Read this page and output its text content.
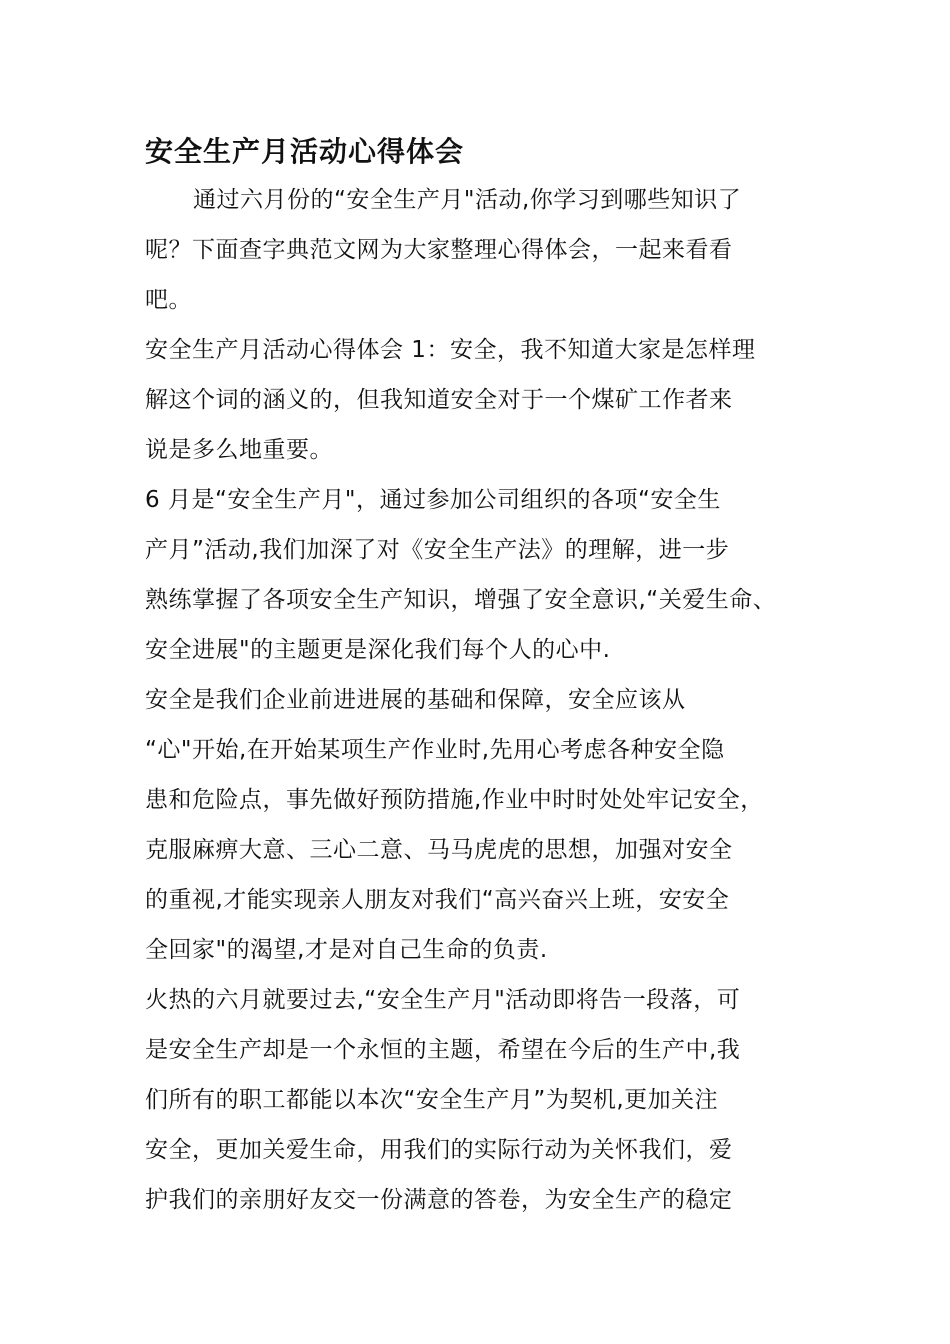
安全生产月活动心得体会
通过六月份的“安全生产月"活动,你学习到哪些知识了
呢？下面查字典范文网为大家整理心得体会，一起来看看
吧。
安全生产月活动心得体会 1：安全，我不知道大家是怎样理
解这个词的涵义的，但我知道安全对于一个煤矿工作者来
说是多么地重要。
6 月是“安全生产月"，通过参加公司组织的各项“安全生
产月”活动,我们加深了对《安全生产法》的理解，进一步
熟练掌握了各项安全生产知识，增强了安全意识,“关爱生命、
安全进展"的主题更是深化我们每个人的心中.
安全是我们企业前进进展的基础和保障，安全应该从
“心"开始,在开始某项生产作业时,先用心考虑各种安全隐
患和危险点，事先做好预防措施,作业中时时处处牢记安全，
克服麻痹大意、三心二意、马马虎虎的思想，加强对安全
的重视,才能实现亲人朋友对我们“高兴奋兴上班，安安全
全回家"的渴望,才是对自己生命的负责.
火热的六月就要过去,“安全生产月"活动即将告一段落，可
是安全生产却是一个永恒的主题，希望在今后的生产中,我
们所有的职工都能以本次“安全生产月”为契机,更加关注
安全，更加关爱生命，用我们的实际行动为关怀我们，爱
护我们的亲朋好友交一份满意的答卷，为安全生产的稳定
